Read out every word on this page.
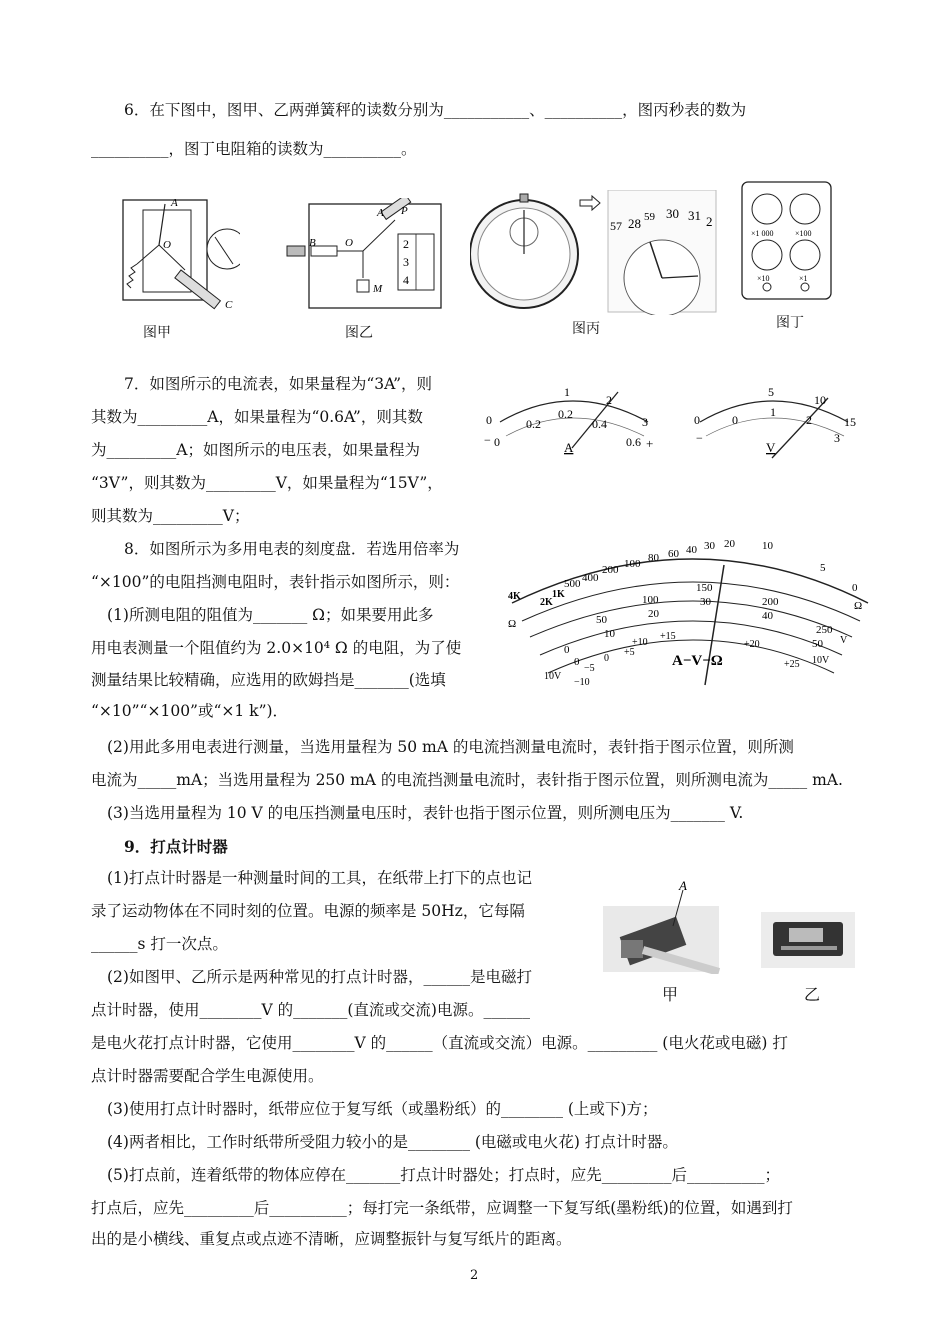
6．在下图中，图甲、乙两弹簧秤的读数分别为___________、__________，图丙秒表的数为
__________，图丁电阻箱的读数为__________。
A
O
C
图甲
B	O
A P
M
2
3
4
图乙
57 28 59 30 31 2
图丙
×1 000	×100
×10	×1
图丁
7．如图所示的电流表，如果量程为“3A”，则
其数为_________A，如果量程为“0.6A”，则其数
为_________A；如图所示的电压表，如果量程为
“3V”，则其数为_________V，如果量程为“15V”，
则其数为_________V；
0
1
2
3
− 0
0.2
0.2
0.4
0.6 +
A
0
5
10
15
−
0
1
2
3
V
8．如图所示为多用电表的刻度盘．若选用倍率为
“×100”的电阻挡测电阻时，表针指示如图所示，则：
(1)所测电阻的阻值为_______ Ω；如果要用此多
用电表测量一个阻值约为 2.0×10⁴ Ω 的电阻，为了使
测量结果比较精确，应选用的欧姆挡是_______(选填
“×10”“×100”或“×1 k”)．
(2)用此多用电表进行测量，当选用量程为 50 mA 的电流挡测量电流时，表针指于图示位置，则所测
电流为_____mA；当选用量程为 250 mA 的电流挡测量电流时，表针指于图示位置，则所测电流为_____ mA.
(3)当选用量程为 10 V 的电压挡测量电压时，表针也指于图示位置，则所测电压为_______ V.
2K
1K
500 400
200 100 80 60 40 30 20 10
5
0
4K
Ω
10V
Ω
V
10V
0
50
100
150
200
250
0
10
20
30
40
50
−10
−5
0
+5
+10
+15
+20
+25
A−V−Ω
9．打点计时器
(1)打点计时器是一种测量时间的工具，在纸带上打下的点也记
录了运动物体在不同时刻的位置。电源的频率是 50Hz，它每隔
______s 打一次点。
(2)如图甲、乙所示是两种常见的打点计时器，______是电磁打
点计时器，使用________V 的_______(直流或交流)电源。______
是电火花打点计时器，它使用________V 的______（直流或交流）电源。_________ (电火花或电磁) 打
点计时器需要配合学生电源使用。
(3)使用打点计时器时，纸带应位于复写纸（或墨粉纸）的________ (上或下)方；
(4)两者相比，工作时纸带所受阻力较小的是________ (电磁或电火花) 打点计时器。
(5)打点前，连着纸带的物体应停在_______打点计时器处；打点时，应先_________后__________；
打点后，应先_________后__________；每打完一条纸带，应调整一下复写纸(墨粉纸)的位置，如遇到打
出的是小横线、重复点或点迹不清晰，应调整振针与复写纸片的距离。
A
甲	乙
2
